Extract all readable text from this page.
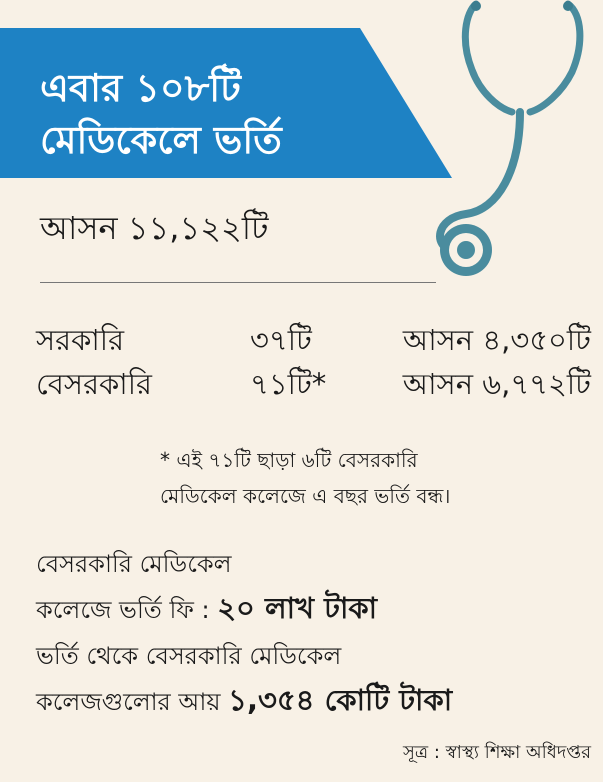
এবার ১০৮টি
মেডিকেলে ভর্তি
আসন ১১,১২২টি
সরকারি	৩৭টি	আসন ৪,৩৫০টি
বেসরকারি	৭১টি*	আসন ৬,৭৭২টি
* এই ৭১টি ছাড়া ৬টি বেসরকারি
মেডিকেল কলেজে এ বছর ভর্তি বন্ধ।
বেসরকারি মেডিকেল
কলেজে ভর্তি ফি : ২০ লাখ টাকা
ভর্তি থেকে বেসরকারি মেডিকেল
কলেজগুলোর আয় ১,৩৫৪ কোটি টাকা
সূত্র : স্বাস্থ্য শিক্ষা অধিদপ্তর
